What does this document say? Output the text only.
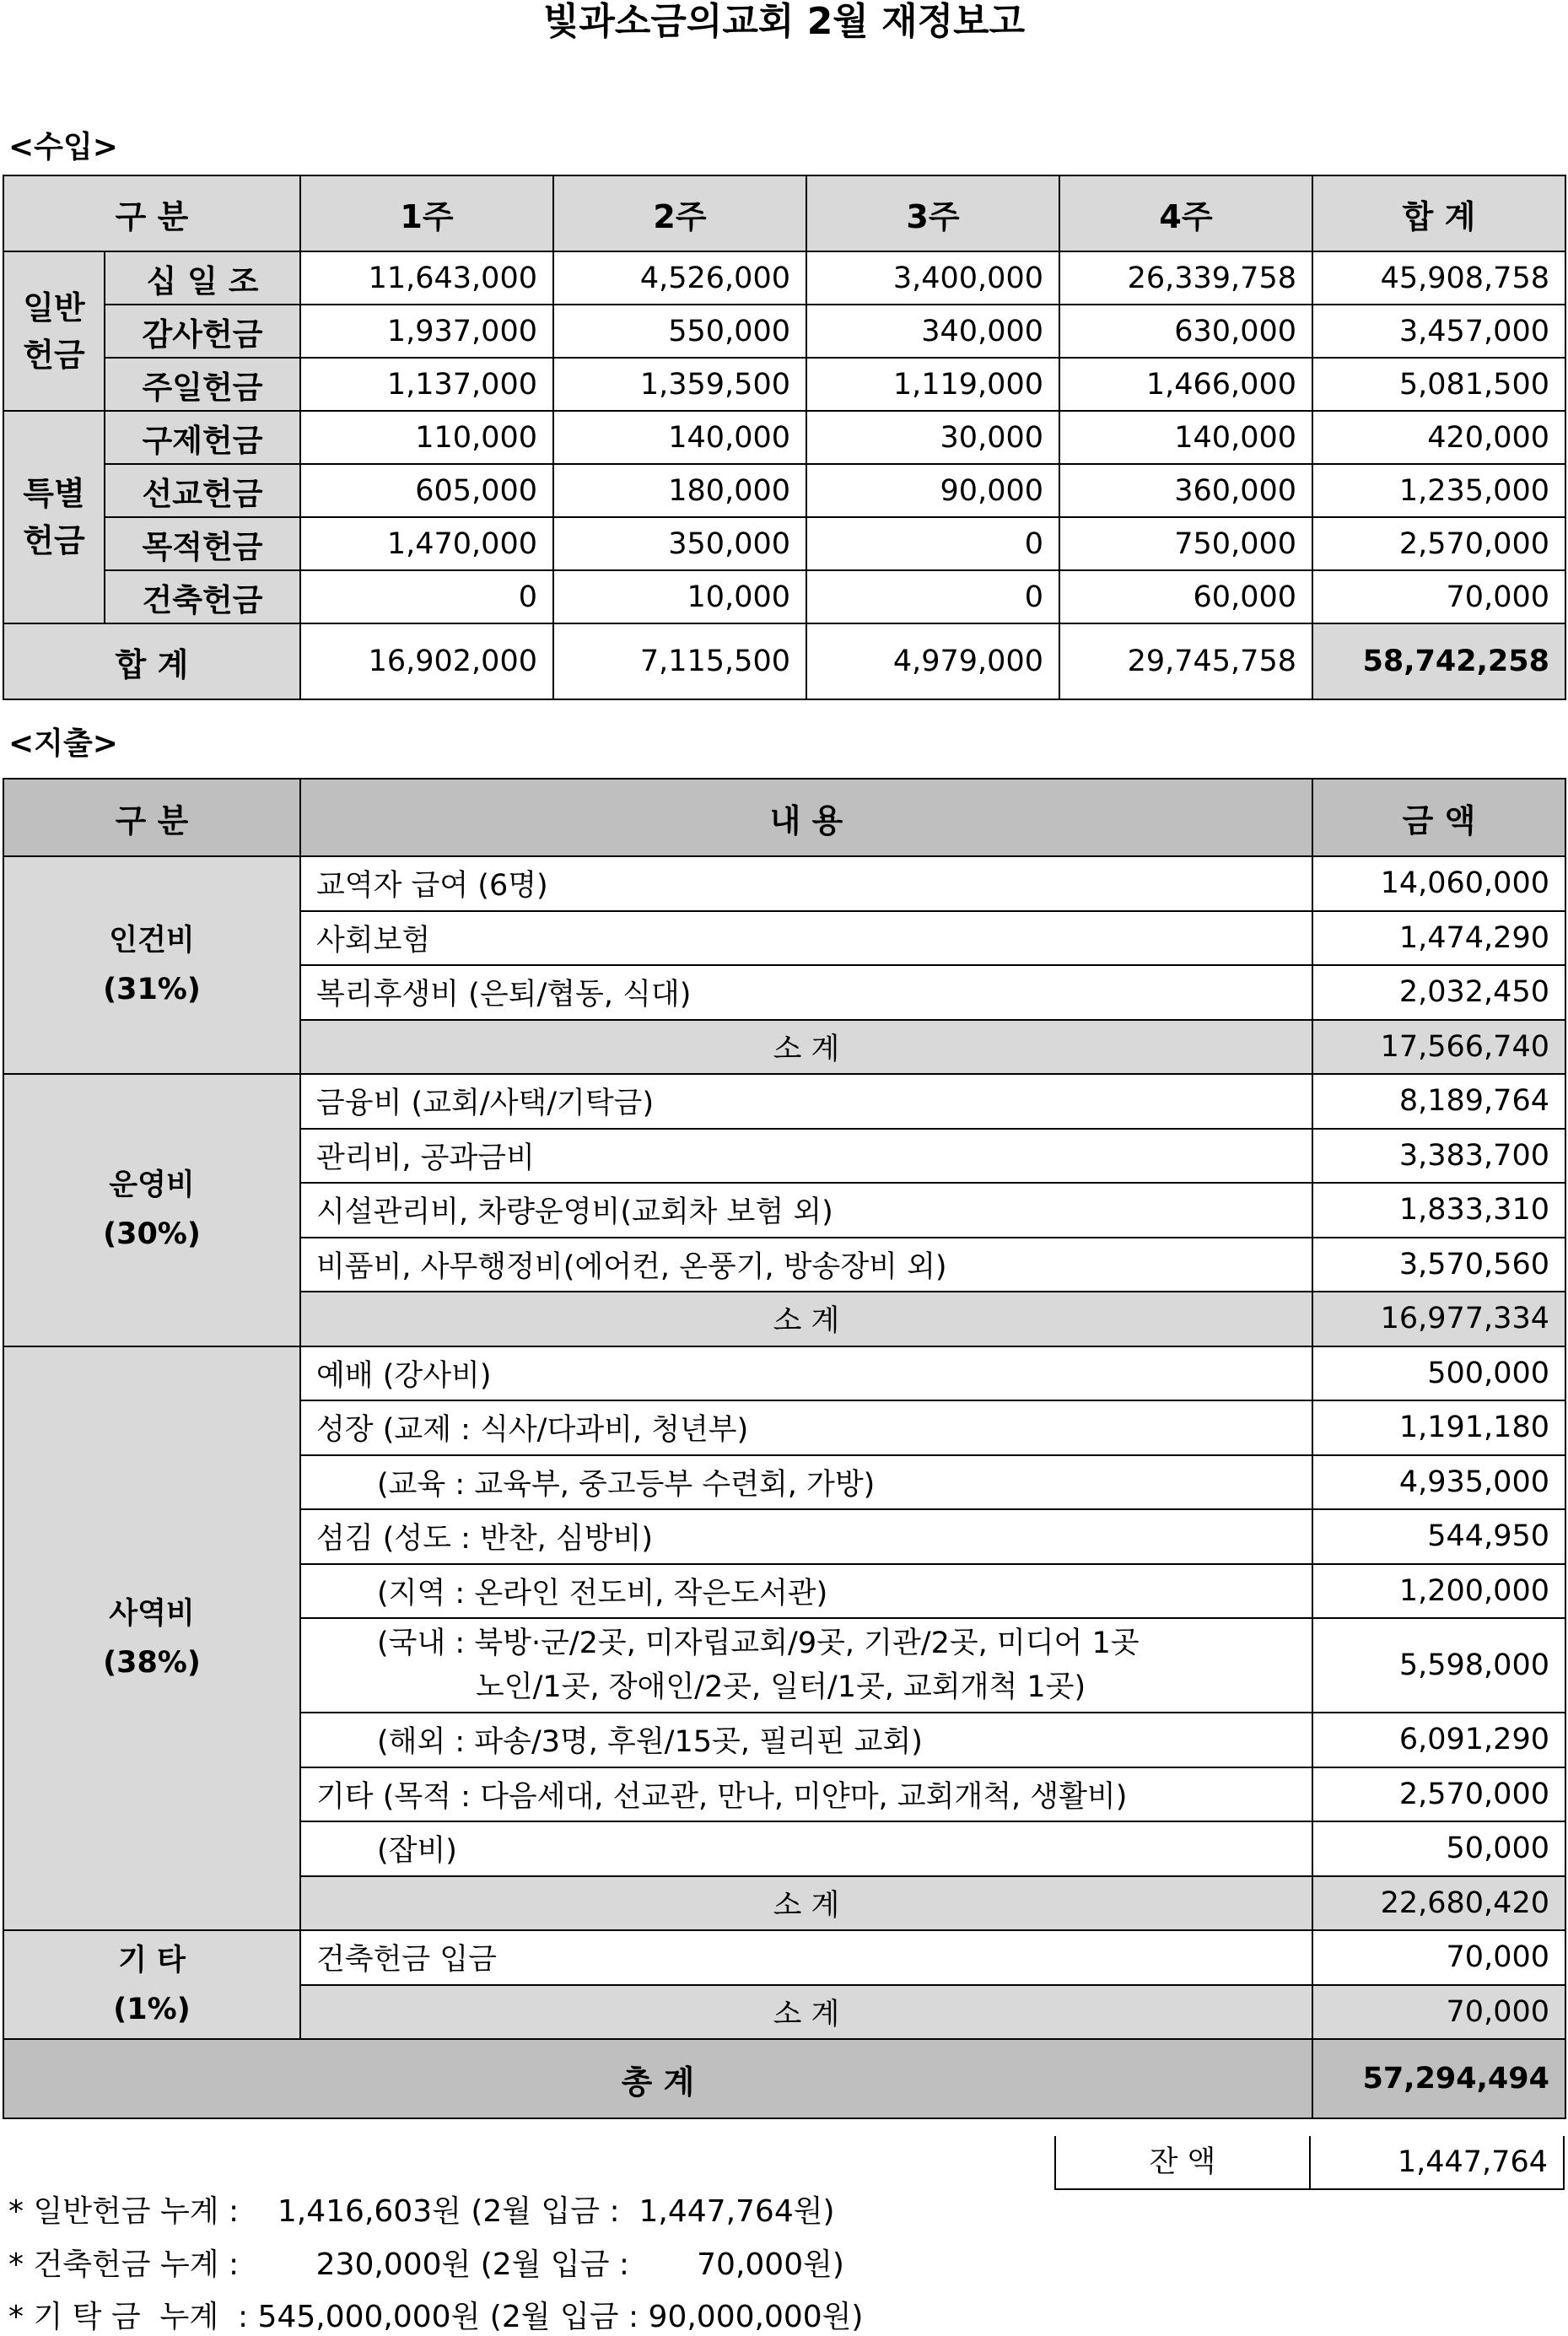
빛과소금의교회 2월 재정보고
<수입>
구 분		1주	2주	3주	4주	합 계
일반
헌금	십 일 조	11,643,000	4,526,000	3,400,000	26,339,758	45,908,758
	감사헌금	1,937,000	550,000	340,000	630,000	3,457,000
	주일헌금	1,137,000	1,359,500	1,119,000	1,466,000	5,081,500
특별
헌금	구제헌금	110,000	140,000	30,000	140,000	420,000
	선교헌금	605,000	180,000	90,000	360,000	1,235,000
	목적헌금	1,470,000	350,000	0	750,000	2,570,000
	건축헌금	0	10,000	0	60,000	70,000
합 계		16,902,000	7,115,500	4,979,000	29,745,758	58,742,258
<지출>
구 분	내 용	금 액
인건비
(31%)	교역자 급여 (6명)	14,060,000

	사회보험	1,474,290

	복리후생비 (은퇴/협동, 식대)	2,032,450
	소 계	17,566,740
운영비
(30%)	금융비 (교회/사택/기탁금)	8,189,764

	관리비, 공과금비	3,383,700

	시설관리비, 차량운영비(교회차 보험 외)	1,833,310

	비품비, 사무행정비(에어컨, 온풍기, 방송장비 외)	3,570,560
	소 계	16,977,334
사역비
(38%)	예배 (강사비)	500,000

	성장 (교제 : 식사/다과비, 청년부)	1,191,180

	(교육 : 교육부, 중고등부 수련회, 가방)	4,935,000

	섬김 (성도 : 반찬, 심방비)	544,950

	(지역 : 온라인 전도비, 작은도서관)	1,200,000

	(국내 : 북방·군/2곳, 미자립교회/9곳, 기관/2곳, 미디어 1곳
노인/1곳, 장애인/2곳, 일터/1곳, 교회개척 1곳)	5,598,000

	(해외 : 파송/3명, 후원/15곳, 필리핀 교회)	6,091,290

	기타 (목적 : 다음세대, 선교관, 만나, 미얀마, 교회개척, 생활비)	2,570,000

	(잡비)	50,000
	소 계	22,680,420
기 타
(1%)	건축헌금 입금	70,000
	소 계	70,000
총 계		57,294,494
잔 액	1,447,764
* 일반헌금 누계 :    1,416,603원 (2월 입금 :  1,447,764원)
* 건축헌금 누계 :        230,000원 (2월 입금 :       70,000원)
* 기 탁 금  누계  : 545,000,000원 (2월 입금 : 90,000,000원)
